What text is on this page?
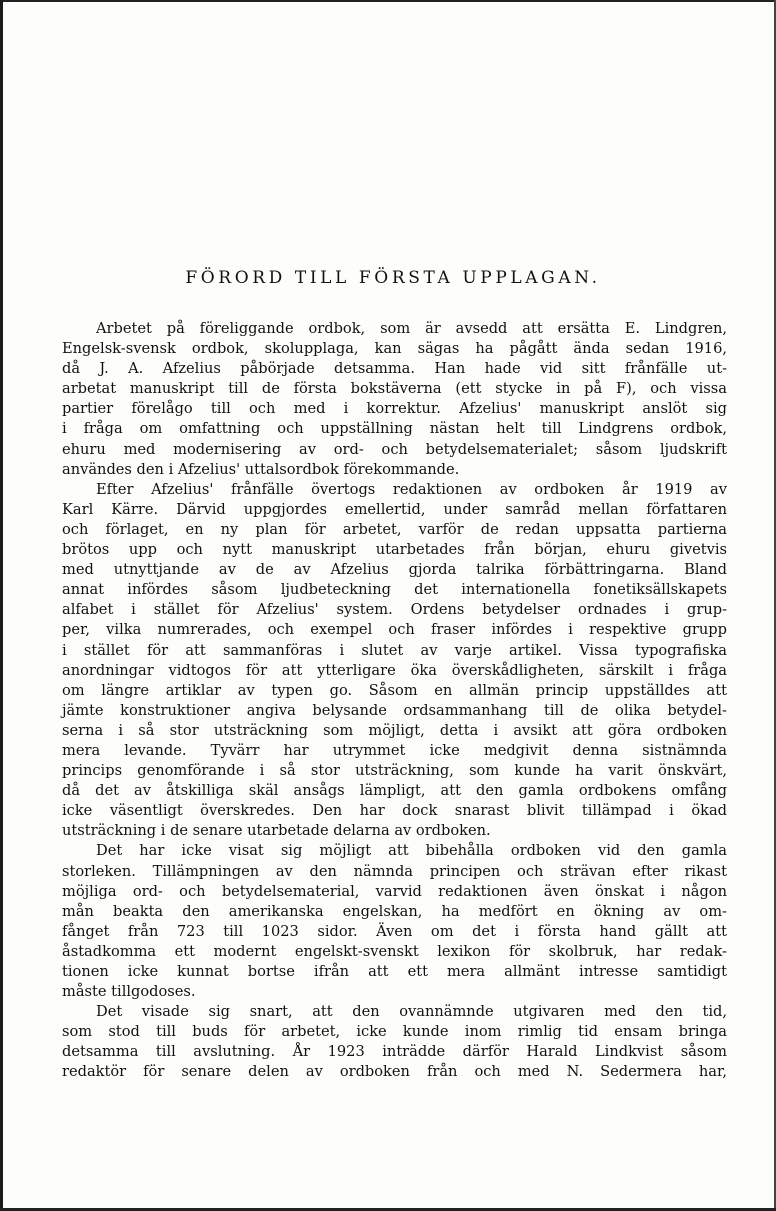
FÖRORD TILL FÖRSTA UPPLAGAN.
Arbetet på föreliggande ordbok, som är avsedd att ersätta E. Lindgren,
Engelsk-svensk ordbok, skolupplaga, kan sägas ha pågått ända sedan 1916,
då J. A. Afzelius påbörjade detsamma. Han hade vid sitt frånfälle ut-
arbetat manuskript till de första bokstäverna (ett stycke in på F), och vissa
partier förelågo till och med i korrektur. Afzelius' manuskript anslöt sig
i fråga om omfattning och uppställning nästan helt till Lindgrens ordbok,
ehuru med modernisering av ord- och betydelsematerialet; såsom ljudskrift
användes den i Afzelius' uttalsordbok förekommande.
Efter Afzelius' frånfälle övertogs redaktionen av ordboken år 1919 av
Karl Kärre. Därvid uppgjordes emellertid, under samråd mellan författaren
och förlaget, en ny plan för arbetet, varför de redan uppsatta partierna
brötos upp och nytt manuskript utarbetades från början, ehuru givetvis
med utnyttjande av de av Afzelius gjorda talrika förbättringarna. Bland
annat infördes såsom ljudbeteckning det internationella fonetiksällskapets
alfabet i stället för Afzelius' system. Ordens betydelser ordnades i grup-
per, vilka numrerades, och exempel och fraser infördes i respektive grupp
i stället för att sammanföras i slutet av varje artikel. Vissa typografiska
anordningar vidtogos för att ytterligare öka överskådligheten, särskilt i fråga
om längre artiklar av typen go. Såsom en allmän princip uppställdes att
jämte konstruktioner angiva belysande ordsammanhang till de olika betydel-
serna i så stor utsträckning som möjligt, detta i avsikt att göra ordboken
mera levande. Tyvärr har utrymmet icke medgivit denna sistnämnda
princips genomförande i så stor utsträckning, som kunde ha varit önskvärt,
då det av åtskilliga skäl ansågs lämpligt, att den gamla ordbokens omfång
icke väsentligt överskredes. Den har dock snarast blivit tillämpad i ökad
utsträckning i de senare utarbetade delarna av ordboken.
Det har icke visat sig möjligt att bibehålla ordboken vid den gamla
storleken. Tillämpningen av den nämnda principen och strävan efter rikast
möjliga ord- och betydelsematerial, varvid redaktionen även önskat i någon
mån beakta den amerikanska engelskan, ha medfört en ökning av om-
fånget från 723 till 1023 sidor. Även om det i första hand gällt att
åstadkomma ett modernt engelskt-svenskt lexikon för skolbruk, har redak-
tionen icke kunnat bortse ifrån att ett mera allmänt intresse samtidigt
måste tillgodoses.
Det visade sig snart, att den ovannämnde utgivaren med den tid,
som stod till buds för arbetet, icke kunde inom rimlig tid ensam bringa
detsamma till avslutning. År 1923 inträdde därför Harald Lindkvist såsom
redaktör för senare delen av ordboken från och med N. Sedermera har,
